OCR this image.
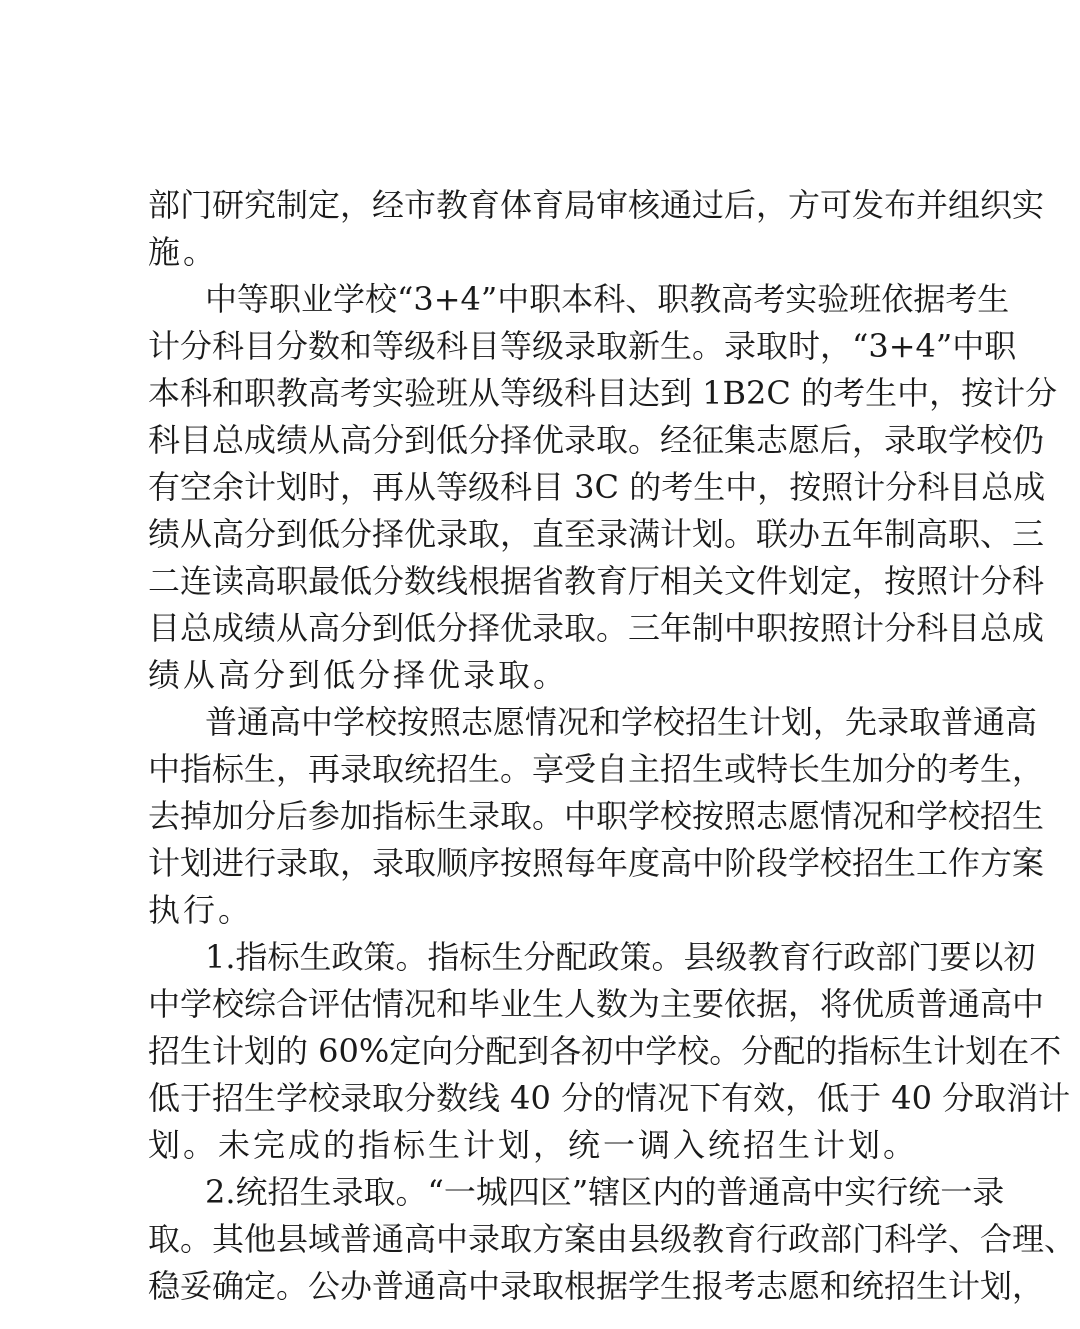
部门研究制定，经市教育体育局审核通过后，方可发布并组织实
施。
中等职业学校“3+4”中职本科、职教高考实验班依据考生
计分科目分数和等级科目等级录取新生。录取时，“3+4”中职
本科和职教高考实验班从等级科目达到 1B2C 的考生中，按计分
科目总成绩从高分到低分择优录取。经征集志愿后，录取学校仍
有空余计划时，再从等级科目 3C 的考生中，按照计分科目总成
绩从高分到低分择优录取，直至录满计划。联办五年制高职、三
二连读高职最低分数线根据省教育厅相关文件划定，按照计分科
目总成绩从高分到低分择优录取。三年制中职按照计分科目总成
绩从高分到低分择优录取。
普通高中学校按照志愿情况和学校招生计划，先录取普通高
中指标生，再录取统招生。享受自主招生或特长生加分的考生，
去掉加分后参加指标生录取。中职学校按照志愿情况和学校招生
计划进行录取，录取顺序按照每年度高中阶段学校招生工作方案
执行。
1.指标生政策。指标生分配政策。县级教育行政部门要以初
中学校综合评估情况和毕业生人数为主要依据，将优质普通高中
招生计划的 60%定向分配到各初中学校。分配的指标生计划在不
低于招生学校录取分数线 40 分的情况下有效，低于 40 分取消计
划。未完成的指标生计划，统一调入统招生计划。
2.统招生录取。“一城四区”辖区内的普通高中实行统一录
取。其他县域普通高中录取方案由县级教育行政部门科学、合理、
稳妥确定。公办普通高中录取根据学生报考志愿和统招生计划，
